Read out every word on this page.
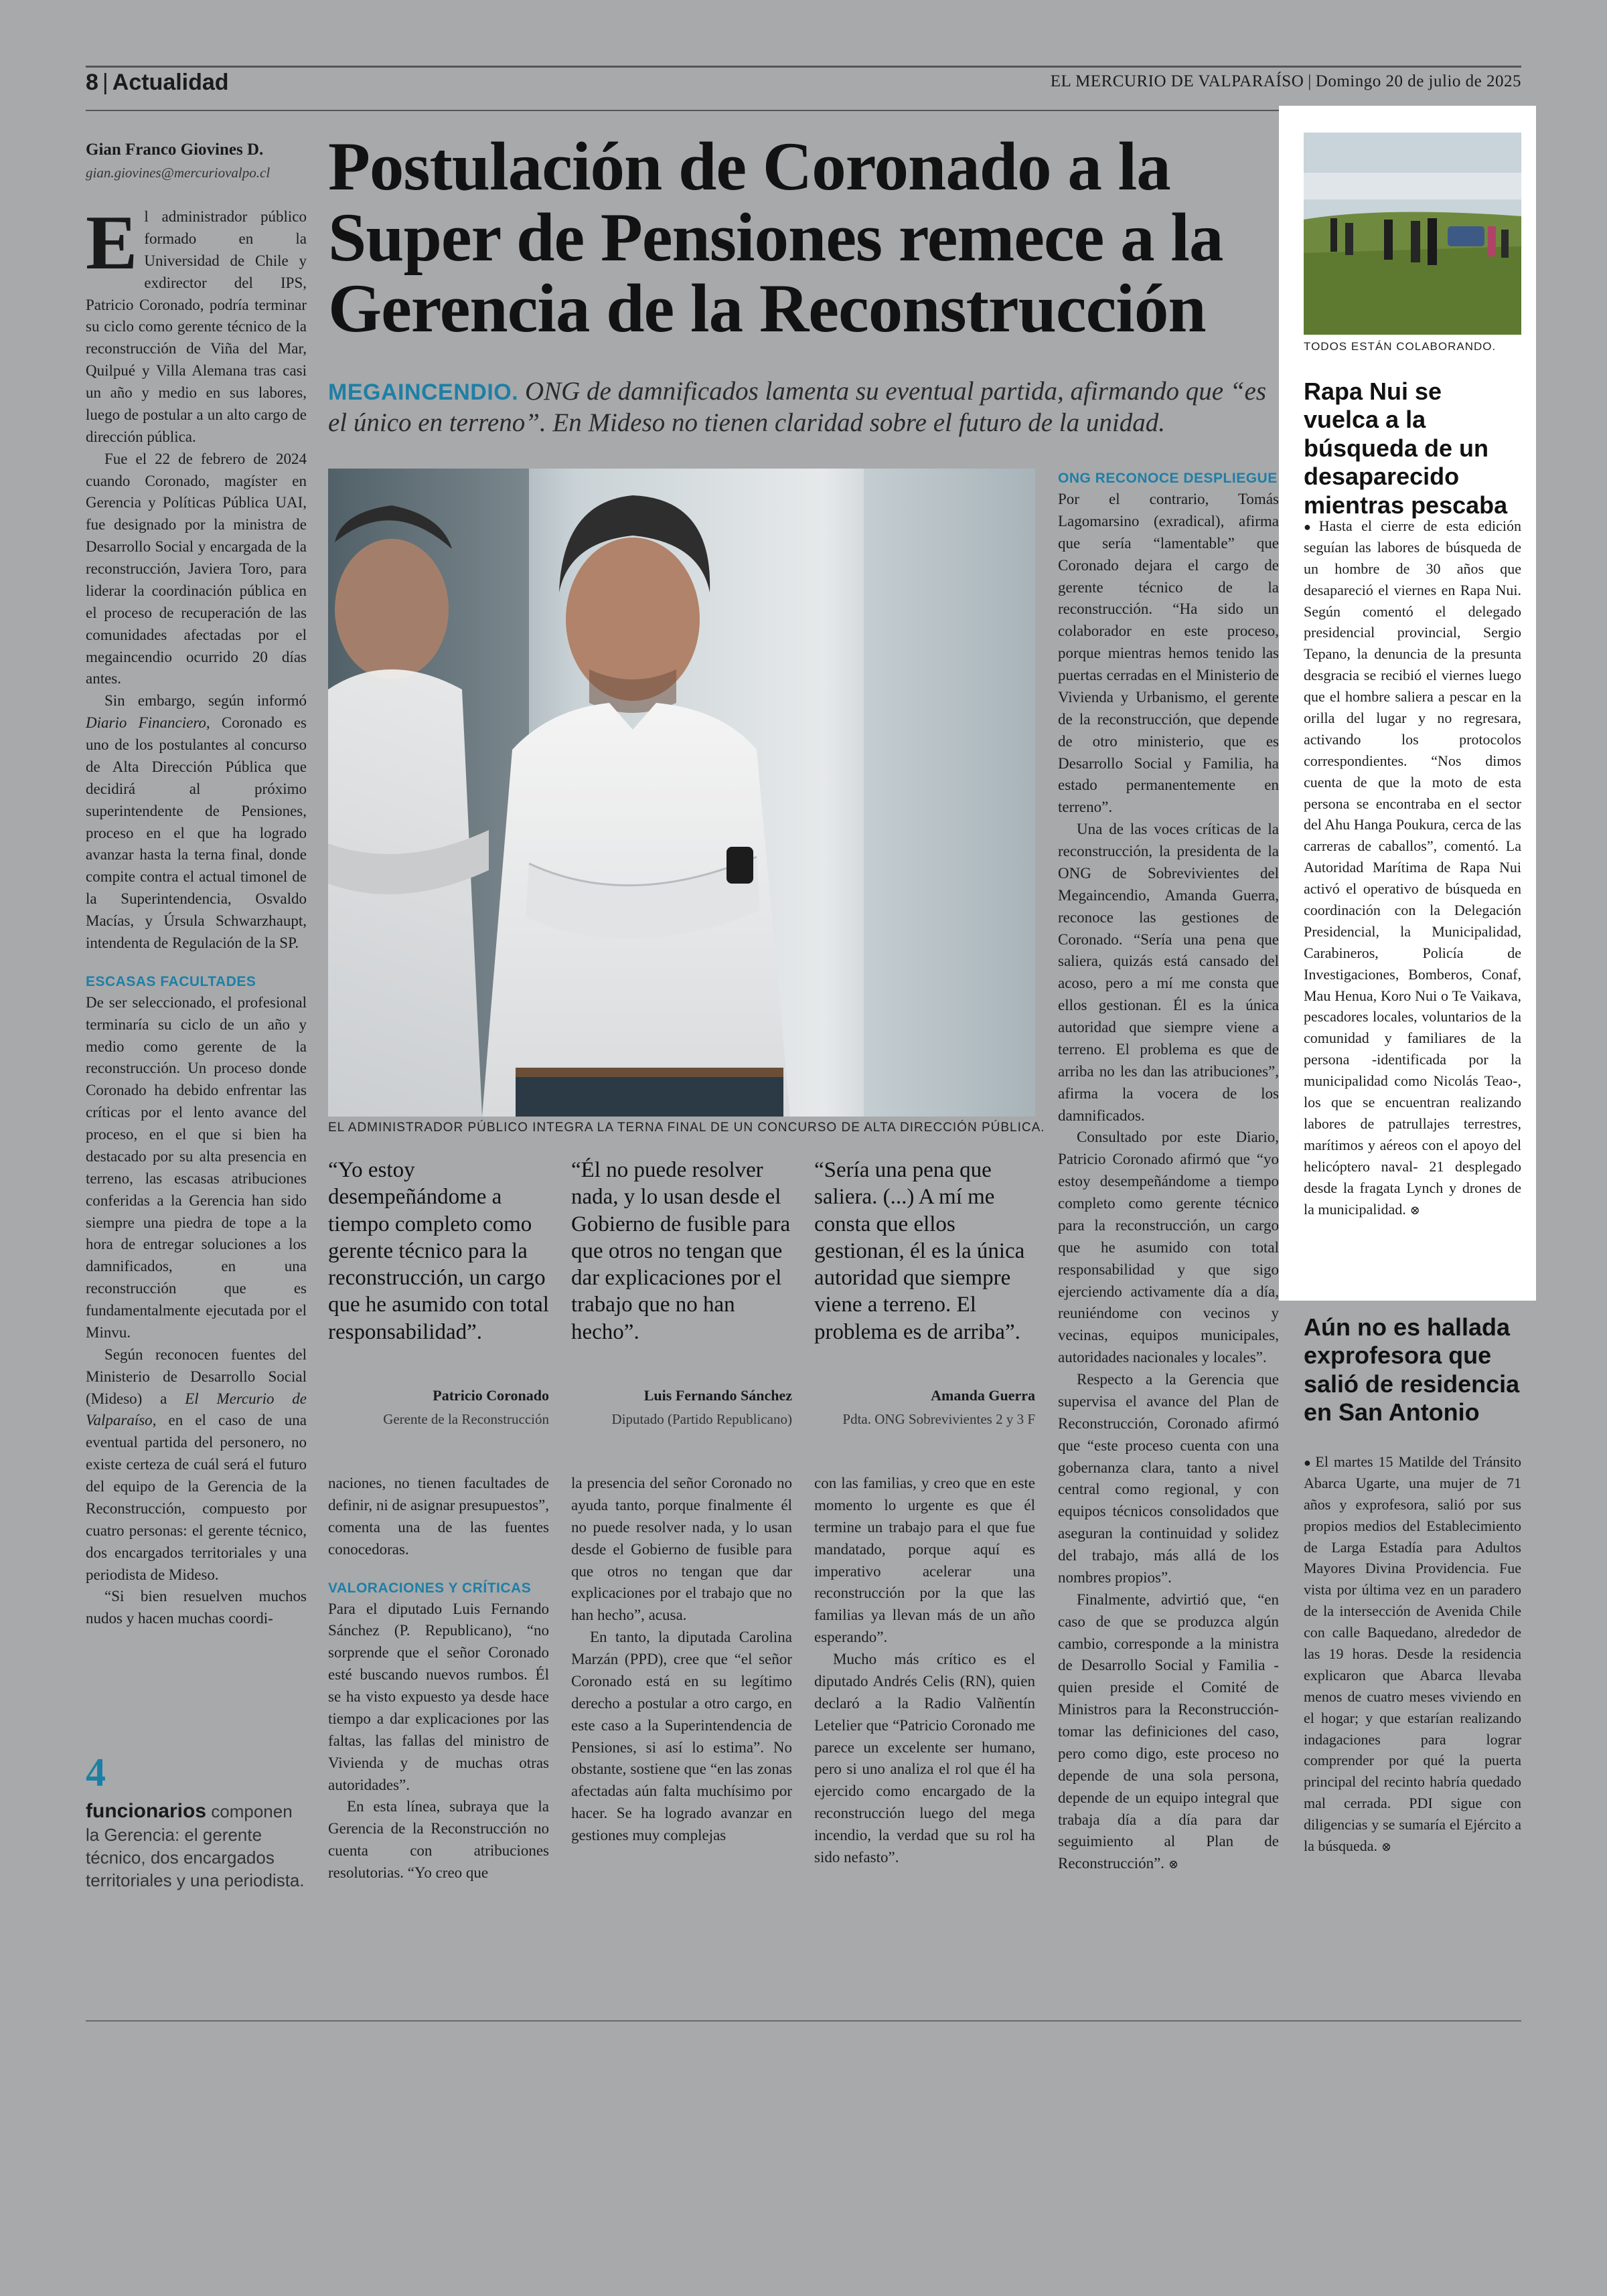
8 | Actualidad	EL MERCURIO DE VALPARAÍSO | Domingo 20 de julio de 2025
Gian Franco Giovines D.
gian.giovines@mercuriovalpo.cl Postulación de Coronado a la Super de Pensiones remece a la Gerencia de la Reconstrucción
MEGAINCENDIO. ONG de damnificados lamenta su eventual partida, afirmando que “es el único en terreno”. En Mideso no tienen claridad sobre el futuro de la unidad.

El administrador público formado en la Universidad de Chile y exdirector del IPS, Patricio Coronado, podría terminar su ciclo como gerente técnico de la reconstrucción de Viña del Mar, Quilpué y Villa Alemana tras casi un año y medio en sus labores, luego de postular a un alto cargo de dirección pública.

Fue el 22 de febrero de 2024 cuando Coronado, magíster en Gerencia y Políticas Pública UAI, fue designado por la ministra de Desarrollo Social y encargada de la reconstrucción, Javiera Toro, para liderar la coordinación pública en el proceso de recuperación de las comunidades afectadas por el megaincendio ocurrido 20 días antes.

Sin embargo, según informó Diario Financiero, Coronado es uno de los postulantes al concurso de Alta Dirección Pública que decidirá al próximo superintendente de Pensiones, proceso en el que ha logrado avanzar hasta la terna final, donde compite contra el actual timonel de la Superintendencia, Osvaldo Macías, y Úrsula Schwarzhaupt, intendenta de Regulación de la SP.

ESCASAS FACULTADES

De ser seleccionado, el profesional terminaría su ciclo de un año y medio como gerente de la reconstrucción. Un proceso donde Coronado ha debido enfrentar las críticas por el lento avance del proceso, en el que si bien ha destacado por su alta presencia en terreno, las escasas atribuciones conferidas a la Gerencia han sido siempre una piedra de tope a la hora de entregar soluciones a los damnificados, en una reconstrucción que es fundamentalmente ejecutada por el Minvu.

Según reconocen fuentes del Ministerio de Desarrollo Social (Mideso) a El Mercurio de Valparaíso, en el caso de una eventual partida del personero, no existe certeza de cuál será el futuro del equipo de la Gerencia de la Reconstrucción, compuesto por cuatro personas: el gerente técnico, dos encargados territoriales y una periodista de Mideso.

“Si bien resuelven muchos nudos y hacen muchas coordi-

4
funcionarios componen la Gerencia: el gerente técnico, dos encargados territoriales y una periodista.
EL ADMINISTRADOR PÚBLICO INTEGRA LA TERNA FINAL DE UN CONCURSO DE ALTA DIRECCIÓN PÚBLICA.
“Yo estoy desempeñándome a tiempo completo como gerente técnico para la reconstrucción, un cargo que he asumido con total responsabilidad”.
Patricio Coronado
Gerente de la Reconstrucción
“Él no puede resolver nada, y lo usan desde el Gobierno de fusible para que otros no tengan que dar explicaciones por el trabajo que no han hecho”.
Luis Fernando Sánchez
Diputado (Partido Republicano)
“Sería una pena que saliera. (...) A mí me consta que ellos gestionan, él es la única autoridad que siempre viene a terreno. El problema es de arriba”.
Amanda Guerra
Pdta. ONG Sobrevivientes 2 y 3 F

naciones, no tienen facultades de definir, ni de asignar presupuestos”, comenta una de las fuentes conocedoras.

VALORACIONES Y CRÍTICAS

Para el diputado Luis Fernando Sánchez (P. Republicano), “no sorprende que el señor Coronado esté buscando nuevos rumbos. Él se ha visto expuesto ya desde hace tiempo a dar explicaciones por las faltas, las fallas del ministro de Vivienda y de muchas otras autoridades”.

En esta línea, subraya que la Gerencia de la Reconstrucción no cuenta con atribuciones resolutorias. “Yo creo que

la presencia del señor Coronado no ayuda tanto, porque finalmente él no puede resolver nada, y lo usan desde el Gobierno de fusible para que otros no tengan que dar explicaciones por el trabajo que no han hecho”, acusa.

En tanto, la diputada Carolina Marzán (PPD), cree que “el señor Coronado está en su legítimo derecho a postular a otro cargo, en este caso a la Superintendencia de Pensiones, si así lo estima”. No obstante, sostiene que “en las zonas afectadas aún falta muchísimo por hacer. Se ha logrado avanzar en gestiones muy complejas

con las familias, y creo que en este momento lo urgente es que él termine un trabajo para el que fue mandatado, porque aquí es imperativo acelerar una reconstrucción por la que las familias ya llevan más de un año esperando”.

Mucho más crítico es el diputado Andrés Celis (RN), quien declaró a la Radio Valñentín Letelier que “Patricio Coronado me parece un excelente ser humano, pero si uno analiza el rol que él ha ejercido como encargado de la reconstrucción luego del mega incendio, la verdad que su rol ha sido nefasto”.

ONG RECONOCE DESPLIEGUE

Por el contrario, Tomás Lagomarsino (exradical), afirma que sería “lamentable” que Coronado dejara el cargo de gerente técnico de la reconstrucción. “Ha sido un colaborador en este proceso, porque mientras hemos tenido las puertas cerradas en el Ministerio de Vivienda y Urbanismo, el gerente de la reconstrucción, que depende de otro ministerio, que es Desarrollo Social y Familia, ha estado permanentemente en terreno”.

Una de las voces críticas de la reconstrucción, la presidenta de la ONG de Sobrevivientes del Megaincendio, Amanda Guerra, reconoce las gestiones de Coronado. “Sería una pena que saliera, quizás está cansado del acoso, pero a mí me consta que ellos gestionan. Él es la única autoridad que siempre viene a terreno. El problema es que de arriba no les dan las atribuciones”, afirma la vocera de los damnificados.

Consultado por este Diario, Patricio Coronado afirmó que “yo estoy desempeñándome a tiempo completo como gerente técnico para la reconstrucción, un cargo que he asumido con total responsabilidad y que sigo ejerciendo activamente día a día, reuniéndome con vecinos y vecinas, equipos municipales, autoridades nacionales y locales”.

Respecto a la Gerencia que supervisa el avance del Plan de Reconstrucción, Coronado afirmó que “este proceso cuenta con una gobernanza clara, tanto a nivel central como regional, y con equipos técnicos consolidados que aseguran la continuidad y solidez del trabajo, más allá de los nombres propios”.

Finalmente, advirtió que, “en caso de que se produzca algún cambio, corresponde a la ministra de Desarrollo Social y Familia -quien preside el Comité de Ministros para la Reconstrucción- tomar las definiciones del caso, pero como digo, este proceso no depende de una sola persona, depende de un equipo integral que trabaja día a día para dar seguimiento al Plan de Reconstrucción”. ⊗

TODOS ESTÁN COLABORANDO.
Rapa Nui se vuelca a la búsqueda de un desaparecido mientras pescaba
● Hasta el cierre de esta edición seguían las labores de búsqueda de un hombre de 30 años que desapareció el viernes en Rapa Nui. Según comentó el delegado presidencial provincial, Sergio Tepano, la denuncia de la presunta desgracia se recibió el viernes luego que el hombre saliera a pescar en la orilla del lugar y no regresara, activando los protocolos correspondientes. “Nos dimos cuenta de que la moto de esta persona se encontraba en el sector del Ahu Hanga Poukura, cerca de las carreras de caballos”, comentó. La Autoridad Marítima de Rapa Nui activó el operativo de búsqueda en coordinación con la Delegación Presidencial, la Municipalidad, Carabineros, Policía de Investigaciones, Bomberos, Conaf, Mau Henua, Koro Nui o Te Vaikava, pescadores locales, voluntarios de la comunidad y familiares de la persona -identificada por la municipalidad como Nicolás Teao-, los que se encuentran realizando labores de patrullajes terrestres, marítimos y aéreos con el apoyo del helicóptero naval- 21 desplegado desde la fragata Lynch y drones de la municipalidad. ⊗
Aún no es hallada exprofesora que salió de residencia en San Antonio
● El martes 15 Matilde del Tránsito Abarca Ugarte, una mujer de 71 años y exprofesora, salió por sus propios medios del Establecimiento de Larga Estadía para Adultos Mayores Divina Providencia. Fue vista por última vez en un paradero de la intersección de Avenida Chile con calle Baquedano, alrededor de las 19 horas. Desde la residencia explicaron que Abarca llevaba menos de cuatro meses viviendo en el hogar; y que estarían realizando indagaciones para lograr comprender por qué la puerta principal del recinto habría quedado mal cerrada. PDI sigue con diligencias y se sumaría el Ejército a la búsqueda. ⊗
